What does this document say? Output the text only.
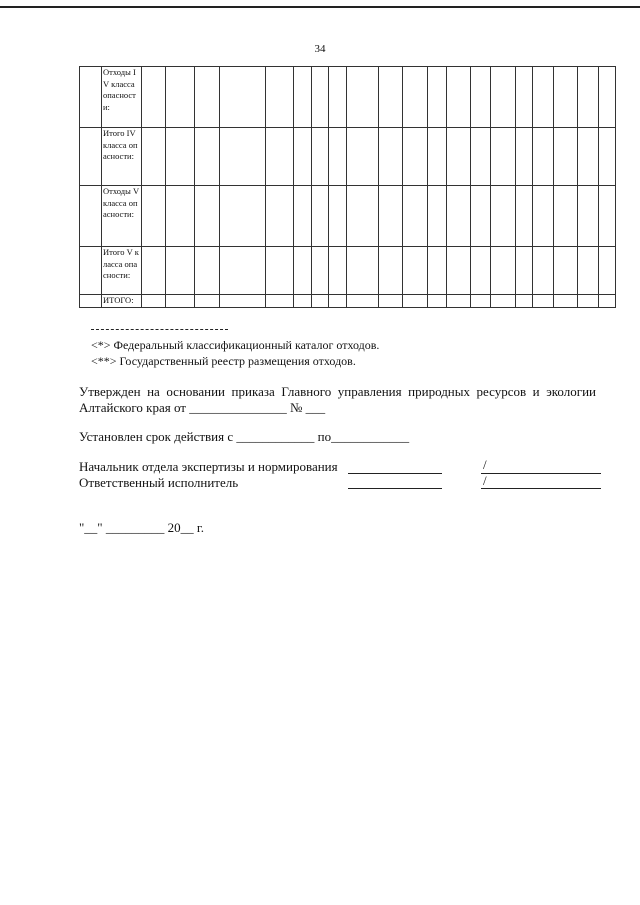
34
	Отходы IV класса опасности:																				
	Итого IV класса опасности:																				
	Отходы V класса опасности:																				
	Итого V класса опасности:																				
	ИТОГО:																				
<*> Федеральный классификационный каталог отходов.
<**> Государственный реестр размещения отходов.
Утвержден на основании приказа Главного управления природных ресурсов и экологии
Алтайского края от _______________ № ___
Установлен срок действия с ____________ по____________
Начальник отдела экспертизы и нормирования	/
Ответственный исполнитель	/
"__" _________ 20__ г.
